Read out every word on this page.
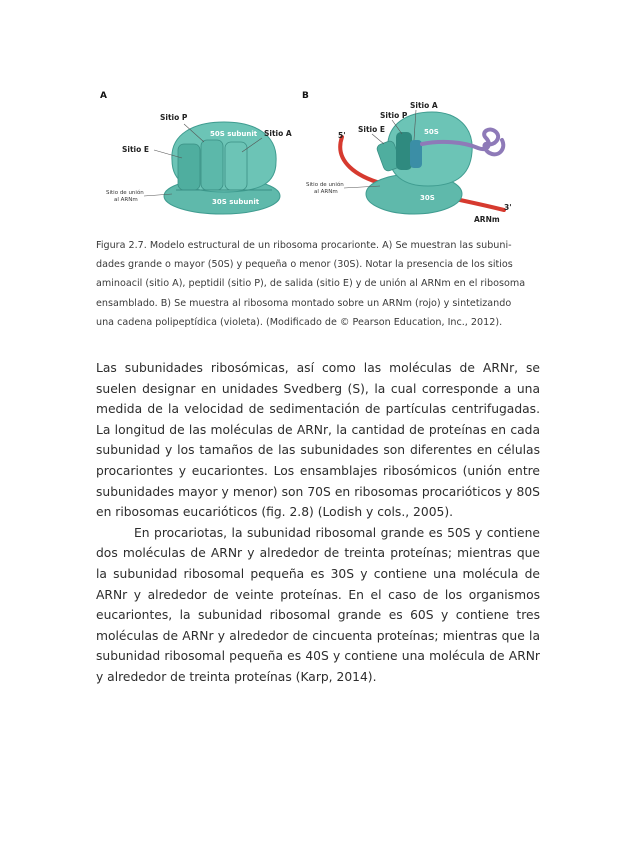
A
Sitio P
Sitio E
50S subunit Sitio A
Sitio de unión
al ARNm	30S subunit
B
Sitio A
Sitio P
Sitio E
5'	50S
30S
Sitio de unión
al ARNm
3'
ARNm
Figura 2.7. Modelo estructural de un ribosoma procarionte. A) Se muestran las subuni-
dades grande o mayor (50S) y pequeña o menor (30S). Notar la presencia de los sitios
aminoacil (sitio A), peptidil (sitio P), de salida (sitio E) y de unión al ARNm en el ribosoma
ensamblado. B) Se muestra al ribosoma montado sobre un ARNm (rojo) y sintetizando
una cadena polipeptídica (violeta). (Modificado de © Pearson Education, Inc., 2012).

Las subunidades ribosómicas, así como las moléculas de ARNr, se suelen designar en unidades Svedberg (S), la cual corresponde a una medida de la velocidad de sedimentación de partículas centrifugadas. La longitud de las moléculas de ARNr, la cantidad de proteínas en cada subunidad y los tamaños de las subunidades son diferentes en células procariontes y eucariontes. Los ensamblajes ribosómicos (unión entre subunidades mayor y menor) son 70S en ribosomas procarióticos y 80S en ribosomas eucarióticos (fig. 2.8) (Lodish y cols., 2005).

En procariotas, la subunidad ribosomal grande es 50S y contiene dos moléculas de ARNr y alrededor de treinta proteínas; mientras que la subunidad ribosomal pequeña es 30S y contiene una molécula de ARNr y alrededor de veinte proteínas. En el caso de los organismos eucariontes, la subunidad ribosomal grande es 60S y contiene tres moléculas de ARNr y alrededor de cincuenta proteínas; mientras que la subunidad ribosomal pequeña es 40S y contiene una molécula de ARNr y alrededor de treinta proteínas (Karp, 2014).
